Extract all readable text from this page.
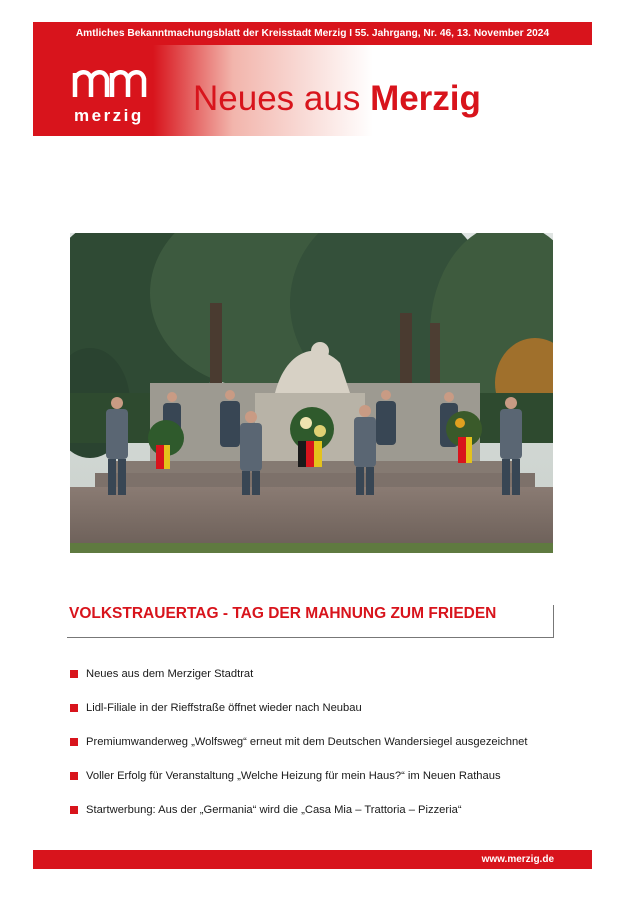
Amtliches Bekanntmachungsblatt der Kreisstadt Merzig I 55. Jahrgang, Nr. 46, 13. November 2024
merzig Neues aus Merzig
VOLKSTRAUERTAG - TAG DER MAHNUNG ZUM FRIEDEN
Neues aus dem Merziger Stadtrat
Lidl-Filiale in der Rieffstraße öffnet wieder nach Neubau
Premiumwanderweg „Wolfsweg“ erneut mit dem Deutschen Wandersiegel ausgezeichnet
Voller Erfolg für Veranstaltung „Welche Heizung für mein Haus?“ im Neuen Rathaus
Startwerbung: Aus der „Germania“ wird die „Casa Mia – Trattoria – Pizzeria“
www.merzig.de
